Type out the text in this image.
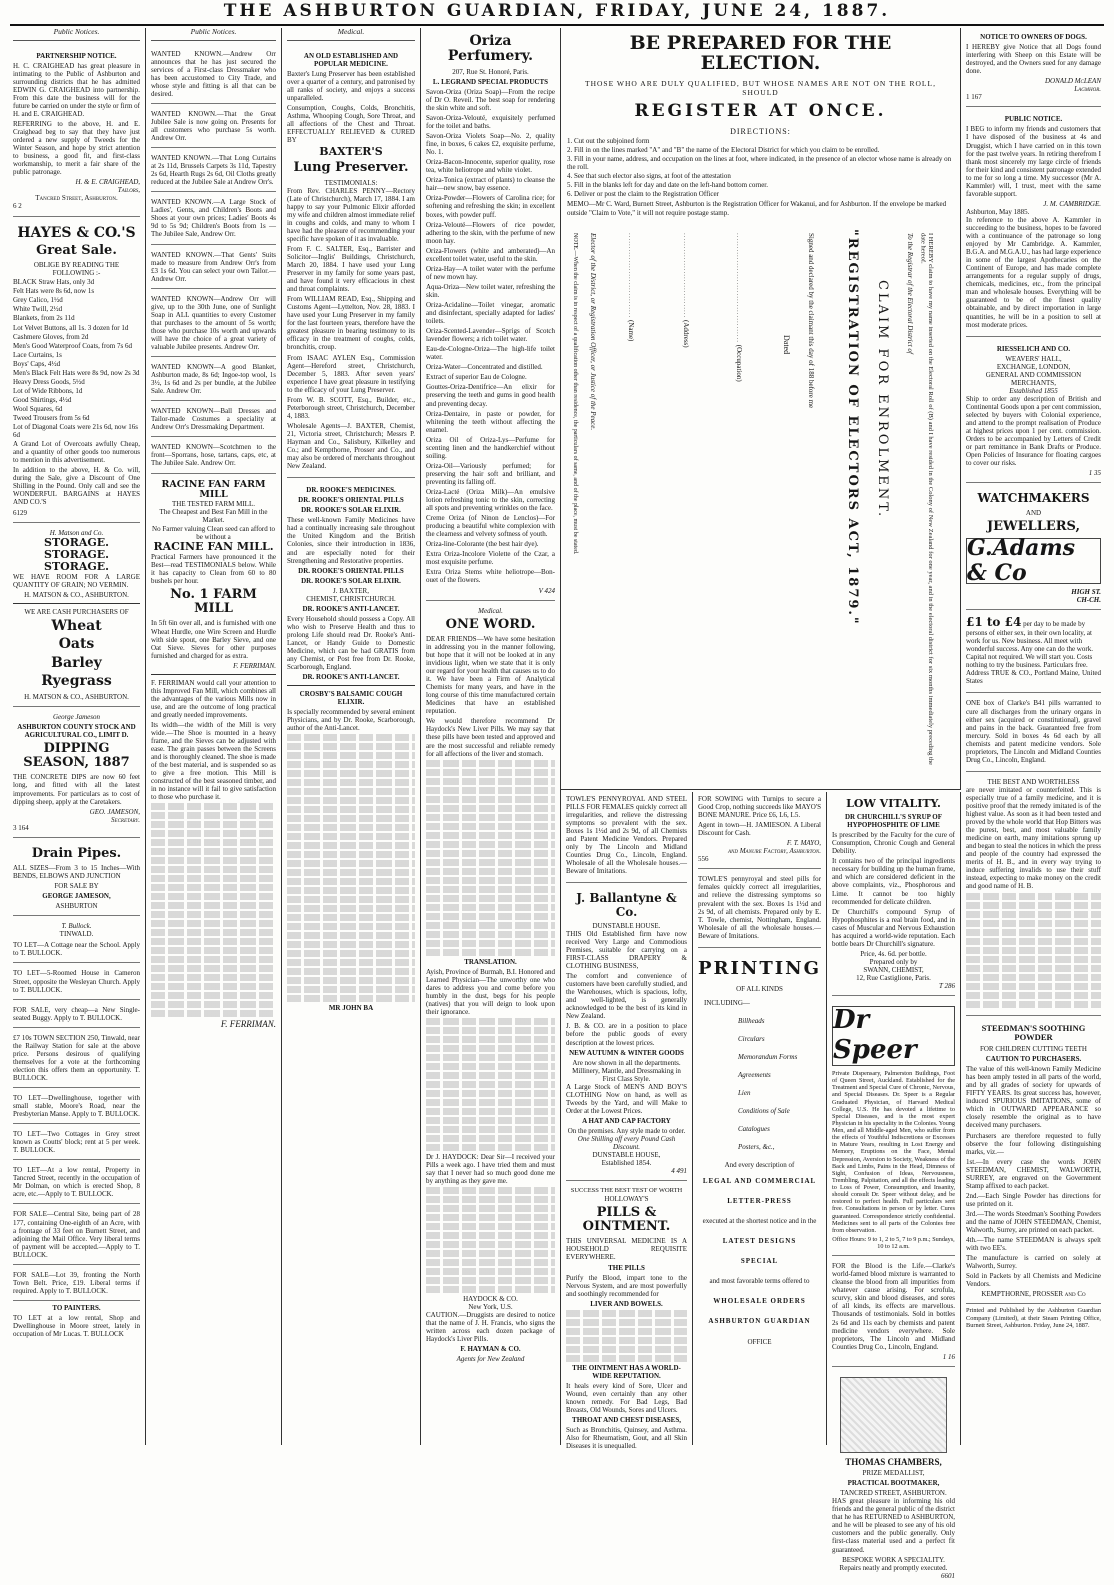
THE ASHBURTON GUARDIAN, FRIDAY, JUNE 24, 1887.
Public Notices.
PARTNERSHIP NOTICE.

H. C. CRAIGHEAD has great pleasure in intimating to the Public of Ashburton and surrounding districts that he has admitted EDWIN G. CRAIGHEAD into partnership. From this date the business will for the future be carried on under the style or firm of H. and E. CRAIGHEAD.

REFERRING to the above, H. and E. Craighead beg to say that they have just ordered a new supply of Tweeds for the Winter Season, and hope by strict attention to business, a good fit, and first-class workmanship, to merit a fair share of the public patronage.

H. & E. CRAIGHEAD,
Tailors,
Tancred Street, Ashburton.
6 2
HAYES & CO.'S
Great Sale.
OBLIGE BY READING THE FOLLOWING :-
BLACK Straw Hats, only 3d
Felt Hats were 8s 6d, now 1s
Grey Calico, 1½d
White Twill, 2½d
Blankets, from 2s 11d
Lot Velvet Buttons, all 1s. 3 dozen for 1d
Cashmere Gloves, from 2d
Men's Good Waterproof Coats, from 7s 6d
Lace Curtains, 1s
Boys' Caps, 4½d
Men's Black Felt Hats were 8s 9d, now 2s 3d
Heavy Dress Goods, 5½d
Lot of Wide Ribbons, 1d
Good Shirtings, 4½d
Wool Squares, 6d
Tweed Trousers from 5s 6d
Lot of Diagonal Coats were 21s 6d, now 16s 6d

A Grand Lot of Overcoats awfully Cheap, and a quantity of other goods too numerous to mention in this advertisement.

In addition to the above, H. & Co. will, during the Sale, give a Discount of One Shilling in the Pound. Only call and see the WONDERFUL BARGAINS at HAYES AND CO.'S

6129
H. Matson and Co.
STORAGE. STORAGE.
STORAGE.

WE HAVE ROOM FOR A LARGE QUANTITY OF GRAIN; NO VERMIN.

H. MATSON & CO., ASHBURTON.
WE ARE CASH PURCHASERS OF
Wheat
Oats
Barley
Ryegrass
H. MATSON & CO., ASHBURTON.
George Jameson
ASHBURTON COUNTY STOCK AND AGRICULTURAL CO., LIMIT D.
DIPPING SEASON, 1887

THE CONCRETE DIPS are now 60 feet long, and fitted with all the latest improvements. For particulars as to cost of dipping sheep, apply at the Caretakers.

GEO. JAMESON,
Secretary.
3 164
Drain Pipes.

ALL SIZES—From 3 to 15 Inches—With BENDS, ELBOWS AND JUNCTION

FOR SALE BY
GEORGE JAMESON,
ASHBURTON
T. Bullock.
TINWALD.
TO LET—A Cottage near the School. Apply to T. BULLOCK.
TO LET—5-Roomed House in Cameron Street, opposite the Wesleyan Church. Apply to T. BULLOCK.
FOR SALE, very cheap—a New Single-seated Buggy. Apply to T. BULLOCK.
£7 10s TOWN SECTION 250, Tinwald, near the Railway Station for sale at the above price. Persons desirous of qualifying themselves for a vote at the forthcoming election this offers them an opportunity. T. BULLOCK.
TO LET—Dwellinghouse, together with small stable, Moore's Road, near the Presbyterian Manse. Apply to T. BULLOCK.
TO LET—Two Cottages in Grey street known as Coutts' block; rent at 5 per week. T. BULLOCK.
TO LET—At a low rental, Property in Tancred Street, recently in the occupation of Mr Dolman, on which is erected Shop, 8 acre, etc.—Apply to T. BULLOCK.
FOR SALE—Central Site, being part of 28 177, containing One-eighth of an Acre, with a frontage of 33 feet on Burnett Street, and adjoining the Mail Office. Very liberal terms of payment will be accepted.—Apply to T. BULLOCK.
FOR SALE—Lot 39, fronting the North Town Belt. Price, £19. Liberal terms if required. Apply to T. BULLOCK.
TO PAINTERS.

TO LET at a low rental, Shop and Dwellinghouse in Moore street, lately in occupation of Mr Lucas. T. BULLOCK

Public Notices.
WANTED KNOWN.—Andrew Orr announces that he has just secured the services of a First-class Dressmaker who has been accustomed to City Trade, and whose style and fitting is all that can be desired.
WANTED KNOWN.—That the Great Jubilee Sale is now going on. Presents for all customers who purchase 5s worth. Andrew Orr.
WANTED KNOWN.—That Long Curtains at 2s 11d, Brussels Carpets 3s 11d, Tapestry 2s 6d, Hearth Rugs 2s 6d, Oil Cloths greatly reduced at the Jubilee Sale at Andrew Orr's.
WANTED KNOWN.—A Large Stock of Ladies', Gents, and Children's Boots and Shoes at your own prices; Ladies' Boots 4s 9d to 5s 9d; Children's Boots from 1s — The Jubilee Sale, Andrew Orr.
WANTED KNOWN.—That Gents' Suits made to measure from Andrew Orr's from £3 1s 6d. You can select your own Tailor.—Andrew Orr.
WANTED KNOWN—Andrew Orr will give, up to the 30th June, one of Sunlight Soap in ALL quantities to every Customer that purchases to the amount of 5s worth; those who purchase 10s worth and upwards will have the choice of a great variety of valuable Jubilee presents. Andrew Orr.
WANTED KNOWN—A good Blanket, Ashburton made, 8s 6d; Ingoe-top wool, 1s 3½, 1s 6d and 2s per bundle, at the Jubilee Sale. Andrew Orr.
WANTED KNOWN—Ball Dresses and Tailor-made Costumes a speciality at Andrew Orr's Dressmaking Department.
WANTED KNOWN—Scotchmen to the front—Sporrans, hose, tartans, caps, etc, at The Jubilee Sale. Andrew Orr.
RACINE FAN FARM MILL
THE TESTED FARM MILL.
The Cheapest and Best Fan Mill in the Market.
No Farmer valuing Clean seed can afford to be without a
RACINE FAN MILL.

Practical Farmers have pronounced it the Best—read TESTIMONIALS below. While it has capacity to Clean from 60 to 80 bushels per hour.

No. 1 FARM MILL

In 5ft 6in over all, and is furnished with one Wheat Hurdle, one Wire Screen and Hurdle with side spout, one Barley Sieve, and one Oat Sieve. Sieves for other purposes furnished and charged for as extra.

F. FERRIMAN.

F. FERRIMAN would call your attention to this Improved Fan Mill, which combines all the advantages of the various Mills now in use, and are the outcome of long practical and greatly needed improvements.

Its width—the width of the Mill is very wide.—The Shoe is mounted in a heavy frame, and the Sieves can be adjusted with ease. The grain passes between the Screens and is thoroughly cleaned. The shoe is made of the best material, and is suspended so as to give a free motion. This Mill is constructed of the best seasoned timber, and in no instance will it fail to give satisfaction to those who purchase it.

F. FERRIMAN.
Medical.
AN OLD ESTABLISHED AND POPULAR MEDICINE.

Baxter's Lung Preserver has been established over a quarter of a century, and patronised by all ranks of society, and enjoys a success unparalleled.

Consumption, Coughs, Colds, Bronchitis, Asthma, Whooping Cough, Sore Throat, and all affections of the Chest and Throat. EFFECTUALLY RELIEVED & CURED BY

BAXTER'S
Lung Preserver.
TESTIMONIALS:

From Rev. CHARLES PENNY—Rectory (Late of Christchurch), March 17, 1884. I am happy to say your Pulmonic Elixir afforded my wife and children almost immediate relief in coughs and colds, and many to whom I have had the pleasure of recommending your specific have spoken of it as invaluable.

From F. C. SALTER, Esq., Barrister and Solicitor—Inglis' Buildings, Christchurch, March 20, 1884. I have used your Lung Preserver in my family for some years past, and have found it very efficacious in chest and throat complaints.

From WILLIAM READ, Esq., Shipping and Customs Agent—Lyttelton, Nov. 28, 1883. I have used your Lung Preserver in my family for the last fourteen years, therefore have the greatest pleasure in bearing testimony to its efficacy in the treatment of coughs, colds, bronchitis, croup.

From ISAAC AYLEN Esq., Commission Agent—Hereford street, Christchurch, December 5, 1883. After seven years' experience I have great pleasure in testifying to the efficacy of your Lung Preserver.

From W. B. SCOTT, Esq., Builder, etc., Peterborough street, Christchurch, December 4, 1883.

Wholesale Agents—J. BAXTER, Chemist, 21, Victoria street, Christchurch; Messrs P. Hayman and Co., Salisbury, Kilkelley and Co.; and Kempthorne, Prosser and Co., and may also be ordered of merchants throughout New Zealand.

DR. ROOKE'S MEDICINES.
DR. ROOKE'S ORIENTAL PILLS
DR. ROOKE'S SOLAR ELIXIR.

These well-known Family Medicines have had a continually increasing sale throughout the United Kingdom and the British Colonies, since their introduction in 1836, and are especially noted for their Strengthening and Restorative properties.

DR. ROOKE'S ORIENTAL PILLS
DR. ROOKE'S SOLAR ELIXIR.
J. BAXTER,
CHEMIST, CHRISTCHURCH.
DR. ROOKE'S ANTI-LANCET.

Every Household should possess a Copy. All who wish to Preserve Health and thus to prolong Life should read Dr. Rooke's Anti-Lancet, or Handy Guide to Domestic Medicine, which can be had GRATIS from any Chemist, or Post free from Dr. Rooke, Scarborough, England.

DR. ROOKE'S ANTI-LANCET.
CROSBY'S BALSAMIC COUGH ELIXIR.

Is specially recommended by several eminent Physicians, and by Dr. Rooke, Scarborough, author of the Anti-Lancet.

MR JOHN BA
Oriza Perfumery.
207, Rue St. Honoré, Paris.
L. LEGRAND SPECIAL PRODUCTS
Savon-Oriza (Oriza Soap)—From the recipe of Dr O. Reveil. The best soap for rendering the skin white and soft.
Savon-Oriza-Velouté, exquisitely perfumed for the toilet and baths.
Savon-Oriza Violets Soap—No. 2, quality fine, in boxes, 6 cakes £2, exquisite perfume, No. 1.
Oriza-Bacon-Innocente, superior quality, rose tea, white heliotrope and white violet.
Oriza-Tonica (extract of plants) to cleanse the hair—new snow, bay essence.
Oriza-Powder—Flowers of Carolina rice; for softening and refreshing the skin; in excellent boxes, with powder puff.
Oriza-Velouté—Flowers of rice powder, adhering to the skin, with the perfume of new moon hay.
Oriza-Flowers (white and amberated)—An excellent toilet water, useful to the skin.
Oriza-Hay—A toilet water with the perfume of new mown hay.
Aqua-Oriza—New toilet water, refreshing the skin.
Oriza-Acidaline—Toilet vinegar, aromatic and disinfectant, specially adapted for ladies' toilets.
Oriza-Scented-Lavender—Sprigs of Scotch lavender flowers; a rich toilet water.
Eau-de-Cologne-Oriza—The high-life toilet water.
Oriza-Water—Concentrated and distilled.
Extract of superior Eau de Cologne.
Gouttes-Oriza-Dentifrice—An elixir for preserving the teeth and gums in good health and preventing decay.
Oriza-Dentaire, in paste or powder, for whitening the teeth without affecting the enamel.
Oriza Oil of Oriza-Lys—Perfume for scenting linen and the handkerchief without soiling.
Oriza-Oil—Variously perfumed; for preserving the hair soft and brilliant, and preventing its falling off.
Oriza-Lacté (Oriza Milk)—An emulsive lotion refreshing tonic to the skin, correcting all spots and preventing wrinkles on the face.
Creme Oriza (of Ninon de Lenclos)—For producing a beautiful white complexion with the clearness and velvety softness of youth.
Oriza-line-Colorante (the best hair dye).
Extra Oriza-Incolore Violette of the Czar, a most exquisite perfume.
Extra Oriza Stems white heliotrope—Bon-ouet of the flowers.
V 424
Medical.
ONE WORD.

DEAR FRIENDS—We have some hesitation in addressing you in the manner following, but hope that it will not be looked at in any invidious light, when we state that it is only our regard for your health that causes us to do it. We have been a Firm of Analytical Chemists for many years, and have in the long course of this time manufactured certain Medicines that have an established reputation.

We would therefore recommend Dr Haydock's New Liver Pills. We may say that these pills have been tested and approved and are the most successful and reliable remedy for all affections of the liver and stomach.

TRANSLATION.

Ayish, Province of Burmah, B.I. Honored and Learned Physician—The unworthy one who dares to address you and come before you humbly in the dust, begs for his people (natives) that you will deign to look upon their ignorance.

Dr J. HAYDOCK: Dear Sir—I received your Pills a week ago. I have tried them and must say that I never had so much good done me by anything as they gave me.

HAYDOCK & CO.
New York, U.S.

CAUTION.—Druggists are desired to notice that the name of J. H. Francis, who signs the written across each dozen package of Haydock's Liver Pills.

F. HAYMAN & CO.
Agents for New Zealand
BE PREPARED FOR THE ELECTION.
THOSE WHO ARE DULY QUALIFIED, BUT WHOSE NAMES ARE NOT ON THE ROLL, SHOULD
REGISTER AT ONCE.
DIRECTIONS:
1. Cut out the subjoined form
2. Fill in on the lines marked "A" and "B" the name of the Electoral District for which you claim to be enrolled.
3. Fill in your name, address, and occupation on the lines at foot, where indicated, in the presence of an elector whose name is already on the roll.
4. See that such elector also signs, at foot of the attestation
5. Fill in the blanks left for day and date on the left-hand bottom corner.
6. Deliver or post the claim to the Registration Officer

MEMO—Mr C. Ward, Burnett Street, Ashburton is the Registration Officer for Wakanui, and for Ashburton. If the envelope be marked outside "Claim to Vote," it will not require postage stamp.

"REGISTRATION OF ELECTORS ACT, 1879." CLAIM FOR ENROLMENT. To the Registrar of the Electoral District of	I HEREBY claim to have my name inserted on the Electoral Roll of (B) and I have resided in the Colony of New Zealand for one year, and in the electoral district for six months immediately preceding the date hereof.
............................... (Name)
............................... (Address)	........................................ (Occupation)
Dated
Elector of the District, or Registration Officer, or Justice of the Peace.	Signed and declared by the claimant this day of 188 before me
NOTE.—When the claim is in respect of a qualification other than residence, the particulars of same, and of the place, must be stated.

TOWLE'S PENNYROYAL AND STEEL PILLS FOR FEMALES quickly correct all irregularities, and relieve the distressing symptoms so prevalent with the sex. Boxes 1s 1½d and 2s 9d, of all Chemists and Patent Medicine Vendors. Prepared only by The Lincoln and Midland Counties Drug Co., Lincoln, England. Wholesale of all the Wholesale houses.—Beware of Imitations.

J. Ballantyne & Co.
DUNSTABLE HOUSE.

THIS Old Established firm have now received Very Large and Commodious Premises, suitable for carrying on a FIRST-CLASS DRAPERY & CLOTHING BUSINESS,

The comfort and convenience of customers have been carefully studied, and the Warehouses, which is spacious, lofty, and well-lighted, is generally acknowledged to be the best of its kind in New Zealand.

J. B. & CO. are in a position to place before the public goods of every description at the lowest prices.

NEW AUTUMN & WINTER GOODS
Are now shown in all the departments.
Millinery, Mantle, and Dressmaking in First Class Style.

A Large Stock of MEN'S AND BOY'S CLOTHING Now on hand, as well as Tweeds by the Yard, and will Make to Order at the Lowest Prices.

A HAT AND CAP FACTORY
On the premises. Any style made to order.
One Shilling off every Pound Cash Discount.
DUNSTABLE HOUSE,
Established 1854.
4 491
SUCCESS THE BEST TEST OF WORTH
HOLLOWAY'S
PILLS & OINTMENT.

THIS UNIVERSAL MEDICINE IS A HOUSEHOLD REQUISITE EVERYWHERE.

THE PILLS

Purify the Blood, impart tone to the Nervous System, and are most powerfully and soothingly recommended for

LIVER AND BOWELS.
THE OINTMENT HAS A WORLD-WIDE REPUTATION.

It heals every kind of Sore, Ulcer and Wound, even certainly than any other known remedy. For Bad Legs, Bad Breasts, Old Wounds, Sores and Ulcers.

THROAT AND CHEST DISEASES,

Such as Bronchitis, Quinsey, and Asthma. Also for Rheumatism, Gout, and all Skin Diseases it is unequalled.

FOR SOWING with Turnips to secure a Good Crop, nothing succeeds like MAYO'S BONE MANURE. Price £6, L6, L5.

Agent in town—H. JAMIESON. A Liberal Discount for Cash.

F. T. MAYO,
and Manure Factory, Ashburton.
556

TOWLE'S pennyroyal and steel pills for females quickly correct all irregularities, and relieve the distressing symptoms so prevalent with the sex. Boxes 1s 1½d and 2s 9d, of all chemists. Prepared only by E. T. Towle, chemist, Nottingham, England. Wholesale of all the wholesale houses.—Beware of Imitations.

PRINTING
OF ALL KINDS
INCLUDING—
Billheads
Circulars
Memorandum Forms
Agreements
Lien
Conditions of Sale
Catalogues
Posters, &c.,
And every description of
LEGAL AND COMMERCIAL
LETTER-PRESS
executed at the shortest notice and in the
LATEST DESIGNS
SPECIAL
and most favorable terms offered to
WHOLESALE ORDERS
ASHBURTON GUARDIAN
OFFICE
LOW VITALITY.
DR CHURCHILL'S SYRUP OF HYPOPHOSPHITE OF LIME

Is prescribed by the Faculty for the cure of Consumption, Chronic Cough and General Debility.

It contains two of the principal ingredients necessary for building up the human frame, and which are considered deficient in the above complaints, viz., Phosphorous and Lime. It cannot be too highly recommended for delicate children.

Dr Churchill's compound Syrup of Hypophosphites is a real brain food, and in cases of Muscular and Nervous Exhaustion has acquired a world-wide reputation. Each bottle bears Dr Churchill's signature.

Price, 4s. 6d. per bottle.
Prepared only by
SWANN, CHEMIST,
12, Rue Castiglione, Paris.
T 286
Dr Speer

Private Dispensary, Palmerston Buildings, Foot of Queen Street, Auckland. Established for the Treatment and Special Cure of Chronic, Nervous, and Special Diseases. Dr. Speer is a Regular Graduated Physician, of Harvard Medical College, U.S. He has devoted a lifetime to Special Diseases, and is the most expert Physician in his speciality in the Colonies. Young Men, and all Middle-aged Men, who suffer from the effects of Youthful Indiscretions or Excesses in Mature Years, resulting in Lost Energy and Memory, Eruptions on the Face, Mental Depression, Aversion to Society, Weakness of the Back and Limbs, Pains in the Head, Dimness of Sight, Confusion of Ideas, Nervousness, Trembling, Palpitation, and all the effects leading to Loss of Power, Consumption, and Insanity, should consult Dr. Speer without delay, and be restored to perfect health. Full particulars sent free. Consultations in person or by letter. Cures guaranteed. Correspondence strictly confidential. Medicines sent to all parts of the Colonies free from observation.

Office Hours: 9 to 1, 2 to 5, 7 to 9 p.m.; Sundays, 10 to 12 a.m.

FOR the Blood is the Life.—Clarke's world-famed blood mixture is warranted to cleanse the blood from all impurities from whatever cause arising. For scrofula, scurvy, skin and blood diseases, and sores of all kinds, its effects are marvellous. Thousands of testimonials. Sold in bottles 2s 6d and 11s each by chemists and patent medicine vendors everywhere. Sole proprietors, The Lincoln and Midland Counties Drug Co., Lincoln, England.

1 16
THOMAS CHAMBERS,
PRIZE MEDALLIST,
PRACTICAL BOOTMAKER,
TANCRED STREET, ASHBURTON.

HAS great pleasure in informing his old friends and the general public of the district that he has RETURNED to ASHBURTON, and he will be pleased to see any of his old customers and the public generally. Only first-class material used and a perfect fit guaranteed.

BESPOKE WORK A SPECIALITY.
Repairs neatly and promptly executed.
6601
NOTICE TO OWNERS OF DOGS.

I HEREBY give Notice that all Dogs found interfering with Sheep on this Estate will be destroyed, and the Owners sued for any damage done.

DONALD McLEAN
Lagmhor.
1 167
PUBLIC NOTICE.

I BEG to inform my friends and customers that I have disposed of the business at 4s and Druggist, which I have carried on in this town for the past twelve years. In retiring therefrom I thank most sincerely my large circle of friends for their kind and consistent patronage extended to me for so long a time. My successor (Mr A. Kammler) will, I trust, meet with the same favorable support.

J. M. CAMBRIDGE.
Ashburton, May 1885.

In reference to the above A. Kammler in succeeding to the business, hopes to be favored with a continuance of the patronage so long enjoyed by Mr Cambridge. A. Kammler, B.G.A. and M.G.A.U., has had large experience in some of the largest Apothecaries on the Continent of Europe, and has made complete arrangements for a regular supply of drugs, chemicals, medicines, etc., from the principal man and wholesale houses. Everything will be guaranteed to be of the finest quality obtainable, and by direct importation in large quantities, he will be in a position to sell at most moderate prices.

RIESSELICH AND CO.
WEAVERS' HALL,
EXCHANGE, LONDON,
GENERAL AND COMMISSION MERCHANTS,
Established 1855

Ship to order any description of British and Continental Goods upon a per cent commission, selected by buyers with Colonial experience, and attend to the prompt realisation of Produce at highest prices upon 1 per cent. commission. Orders to be accompanied by Letters of Credit or part remittance in Bank Drafts or Produce. Open Policies of Insurance for floating cargoes to cover our risks.

1 35
WATCHMAKERS
AND
JEWELLERS,
G.Adams & Co
HIGH ST.
CH-CH.
£1 to £4 per day to be made by persons of either sex, in their own locality, at work for us. New business. All meet with wonderful success. Any one can do the work. Capital not required. We will start you. Costs nothing to try the business. Particulars free.

Address TRUE & CO., Portland Maine, United States

ONE box of Clarke's B41 pills warranted to cure all discharges from the urinary organs in either sex (acquired or constitutional), gravel and pains in the back. Guaranteed free from mercury. Sold in boxes 4s 6d each by all chemists and patent medicine vendors. Sole proprietors, The Lincoln and Midland Counties Drug Co., Lincoln, England.

THE BEST AND WORTHLESS

are never imitated or counterfeited. This is especially true of a family medicine, and it is positive proof that the remedy imitated is of the highest value. As soon as it had been tested and proved by the whole world that Hop Bitters was the purest, best, and most valuable family medicine on earth, many imitations sprung up and began to steal the notices in which the press and people of the country had expressed the merits of H. B., and in every way trying to induce suffering invalids to use their stuff instead, expecting to make money on the credit and good name of H. B.

STEEDMAN'S SOOTHING POWDER
FOR CHILDREN CUTTING TEETH
CAUTION TO PURCHASERS.

The value of this well-known Family Medicine has been amply tested in all parts of the world, and by all grades of society for upwards of FIFTY YEARS. Its great success has, however, induced SPURIOUS IMITATIONS, some of which in OUTWARD APPEARANCE so closely resemble the original as to have deceived many purchasers.

Purchasers are therefore requested to fully observe the four following distinguishing marks, viz.—

1st.—In every case the words JOHN STEEDMAN, CHEMIST, WALWORTH, SURREY, are engraved on the Government Stamp affixed to each packet.
2nd.—Each Single Powder has directions for use printed on it.
3rd.—The words Steedman's Soothing Powders and the name of JOHN STEEDMAN, Chemist, Walworth, Surrey, are printed on each packet.
4th.—The name STEEDMAN is always spelt with two EE's.

The manufacture is carried on solely at Walworth, Surrey.

Sold in Packets by all Chemists and Medicine Vendors.

KEMPTHORNE, PROSSER and Co
Printed and Published by the Ashburton Guardian Company (Limited), at their Steam Printing Office, Burnett Street, Ashburton. Friday, June 24, 1887.
